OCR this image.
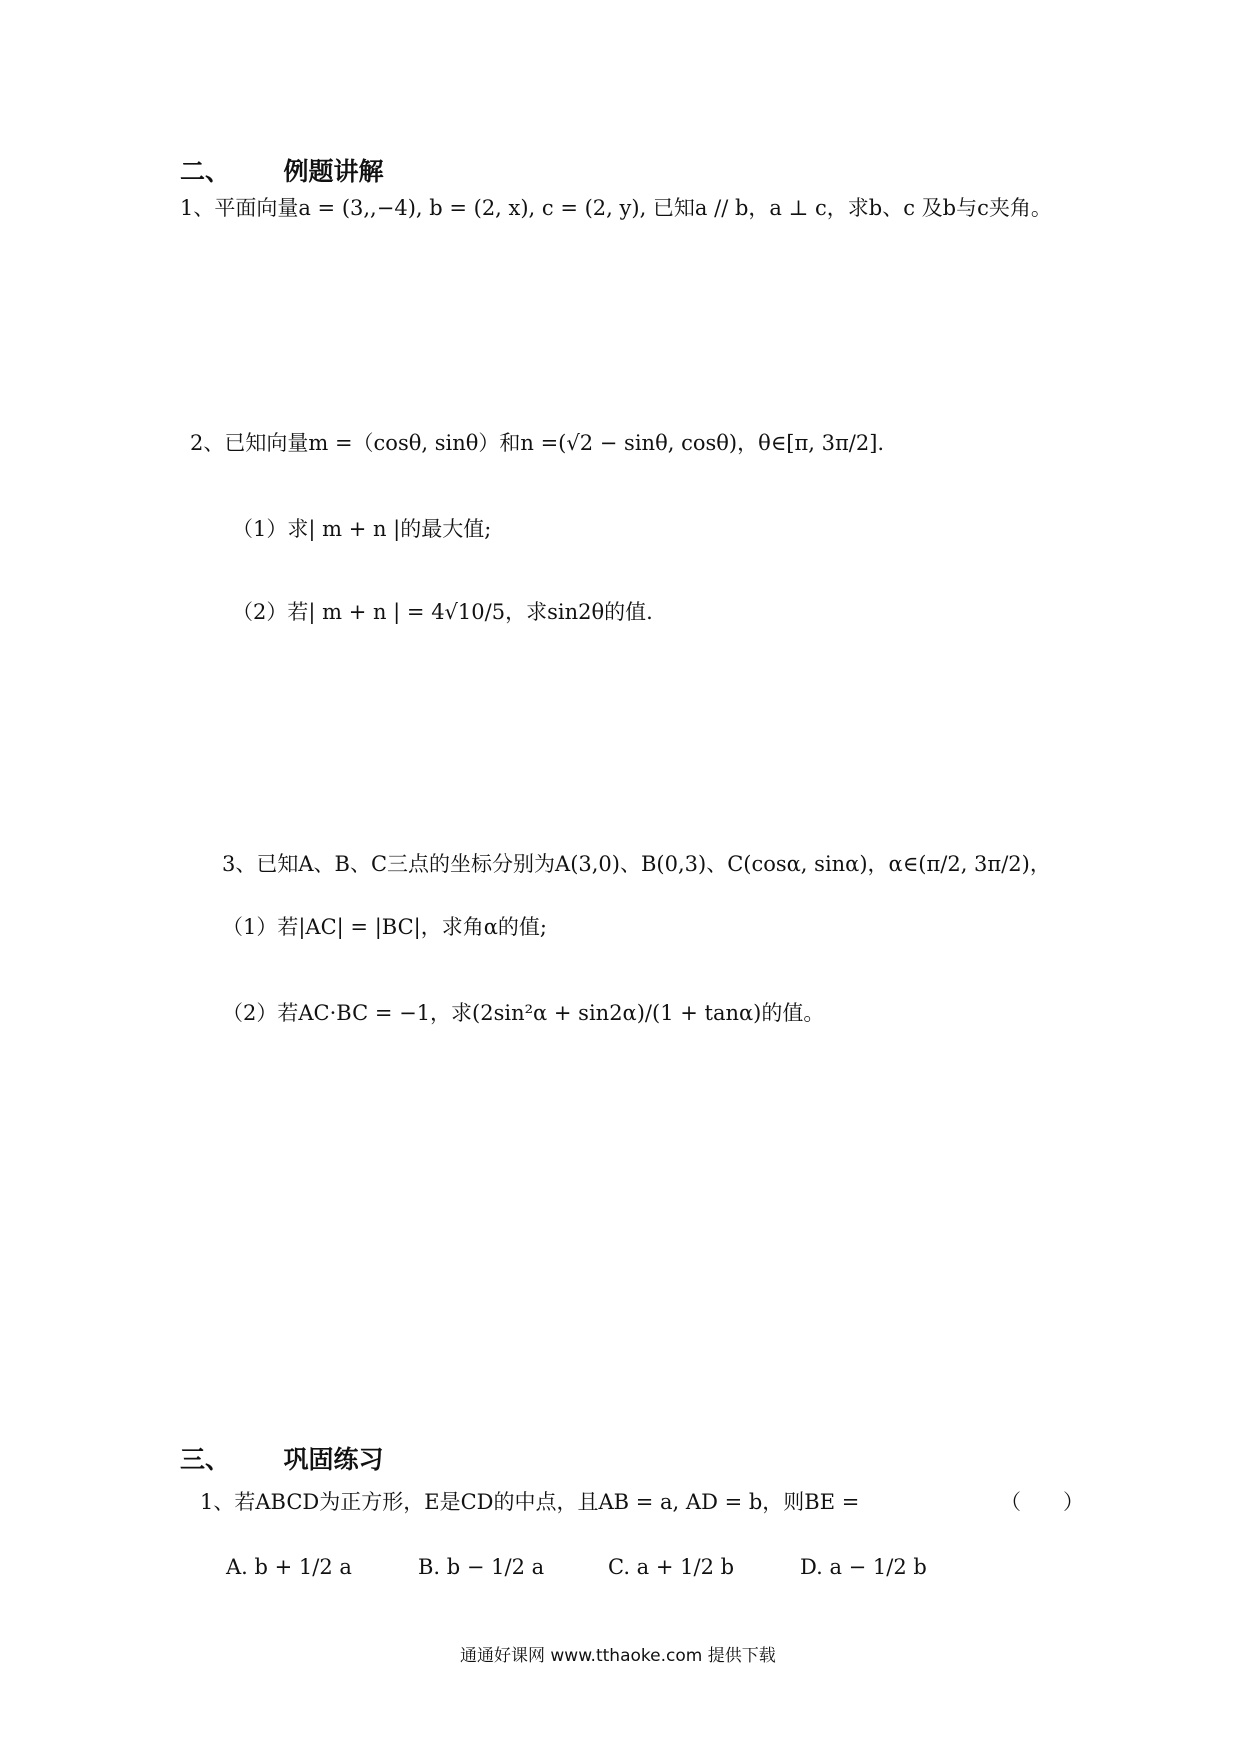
二、 例题讲解
1、平面向量a = (3,,−4), b = (2, x), c = (2, y), 已知a // b，a ⊥ c，求b、c 及b与c夹角。
2、已知向量m =（cosθ, sinθ）和n =(√2 − sinθ, cosθ)，θ∈[π, 3π/2].
（1）求| m + n |的最大值;
（2）若| m + n | = 4√10/5，求sin2θ的值.
3、已知A、B、C三点的坐标分别为A(3,0)、B(0,3)、C(cosα, sinα)，α∈(π/2, 3π/2)，
（1）若|AC| = |BC|，求角α的值;
（2）若AC·BC = −1，求(2sin²α + sin2α)/(1 + tanα)的值。
三、 巩固练习
1、若ABCD为正方形，E是CD的中点，且AB = a, AD = b，则BE =	（　　）
A. b + 1/2 a	B. b − 1/2 a	C. a + 1/2 b	D. a − 1/2 b
通通好课网 www.tthaoke.com 提供下载
